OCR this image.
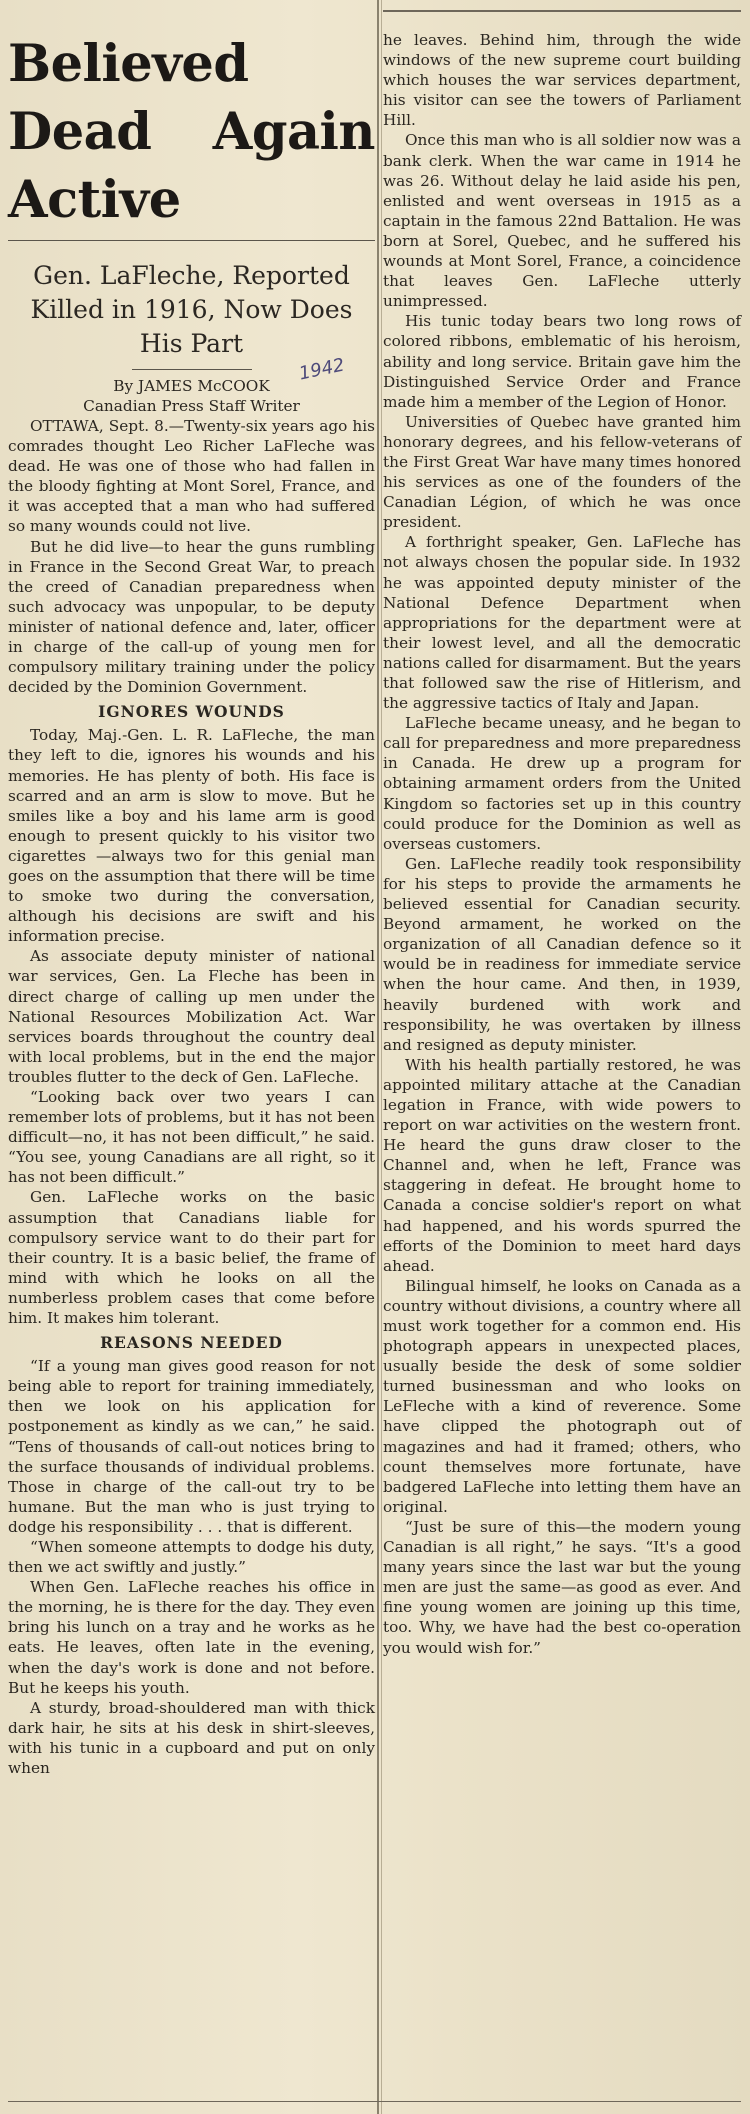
Believed Dead Again Active
Gen. LaFleche, Reported Killed in 1916, Now Does His Part
By JAMES McCOOK
1942
Canadian Press Staff Writer

OTTAWA, Sept. 8.—Twenty-six years ago his comrades thought Leo Richer LaFleche was dead. He was one of those who had fallen in the bloody fighting at Mont Sorel, France, and it was accepted that a man who had suffered so many wounds could not live.

But he did live—to hear the guns rumbling in France in the Second Great War, to preach the creed of Canadian preparedness when such advocacy was unpopular, to be deputy minister of national defence and, later, officer in charge of the call-up of young men for compulsory military training under the policy decided by the Dominion Government.

IGNORES WOUNDS

Today, Maj.-Gen. L. R. LaFleche, the man they left to die, ignores his wounds and his memories. He has plenty of both. His face is scarred and an arm is slow to move. But he smiles like a boy and his lame arm is good enough to present quickly to his visitor two cigarettes —always two for this genial man goes on the assumption that there will be time to smoke two during the conversation, although his decisions are swift and his information precise.

As associate deputy minister of national war services, Gen. La Fleche has been in direct charge of calling up men under the National Resources Mobilization Act. War services boards throughout the country deal with local problems, but in the end the major troubles flutter to the deck of Gen. LaFleche.

“Looking back over two years I can remember lots of problems, but it has not been difficult—no, it has not been difficult,” he said. “You see, young Canadians are all right, so it has not been difficult.”

Gen. LaFleche works on the basic assumption that Canadians liable for compulsory service want to do their part for their country. It is a basic belief, the frame of mind with which he looks on all the numberless problem cases that come before him. It makes him tolerant.

REASONS NEEDED

“If a young man gives good reason for not being able to report for training immediately, then we look on his application for postponement as kindly as we can,” he said. “Tens of thousands of call-out notices bring to the surface thousands of individual problems. Those in charge of the call-out try to be humane. But the man who is just trying to dodge his responsibility . . . that is different.

“When someone attempts to dodge his duty, then we act swiftly and justly.”

When Gen. LaFleche reaches his office in the morning, he is there for the day. They even bring his lunch on a tray and he works as he eats. He leaves, often late in the evening, when the day's work is done and not before. But he keeps his youth.

A sturdy, broad-shouldered man with thick dark hair, he sits at his desk in shirt-sleeves, with his tunic in a cupboard and put on only when

he leaves. Behind him, through the wide windows of the new supreme court building which houses the war services department, his visitor can see the towers of Parliament Hill.

Once this man who is all soldier now was a bank clerk. When the war came in 1914 he was 26. Without delay he laid aside his pen, enlisted and went overseas in 1915 as a captain in the famous 22nd Battalion. He was born at Sorel, Quebec, and he suffered his wounds at Mont Sorel, France, a coincidence that leaves Gen. LaFleche utterly unimpressed.

His tunic today bears two long rows of colored ribbons, emblematic of his heroism, ability and long service. Britain gave him the Distinguished Service Order and France made him a member of the Legion of Honor.

Universities of Quebec have granted him honorary degrees, and his fellow-veterans of the First Great War have many times honored his services as one of the founders of the Canadian Légion, of which he was once president.

A forthright speaker, Gen. LaFleche has not always chosen the popular side. In 1932 he was appointed deputy minister of the National Defence Department when appropriations for the department were at their lowest level, and all the democratic nations called for disarmament. But the years that followed saw the rise of Hitlerism, and the aggressive tactics of Italy and Japan.

LaFleche became uneasy, and he began to call for preparedness and more preparedness in Canada. He drew up a program for obtaining armament orders from the United Kingdom so factories set up in this country could produce for the Dominion as well as overseas customers.

Gen. LaFleche readily took responsibility for his steps to provide the armaments he believed essential for Canadian security. Beyond armament, he worked on the organization of all Canadian defence so it would be in readiness for immediate service when the hour came. And then, in 1939, heavily burdened with work and responsibility, he was overtaken by illness and resigned as deputy minister.

With his health partially restored, he was appointed military attache at the Canadian legation in France, with wide powers to report on war activities on the western front. He heard the guns draw closer to the Channel and, when he left, France was staggering in defeat. He brought home to Canada a concise soldier's report on what had happened, and his words spurred the efforts of the Dominion to meet hard days ahead.

Bilingual himself, he looks on Canada as a country without divisions, a country where all must work together for a common end. His photograph appears in unexpected places, usually beside the desk of some soldier turned businessman and who looks on LeFleche with a kind of reverence. Some have clipped the photograph out of magazines and had it framed; others, who count themselves more fortunate, have badgered LaFleche into letting them have an original.

“Just be sure of this—the modern young Canadian is all right,” he says. “It's a good many years since the last war but the young men are just the same—as good as ever. And fine young women are joining up this time, too. Why, we have had the best co-operation you would wish for.”
